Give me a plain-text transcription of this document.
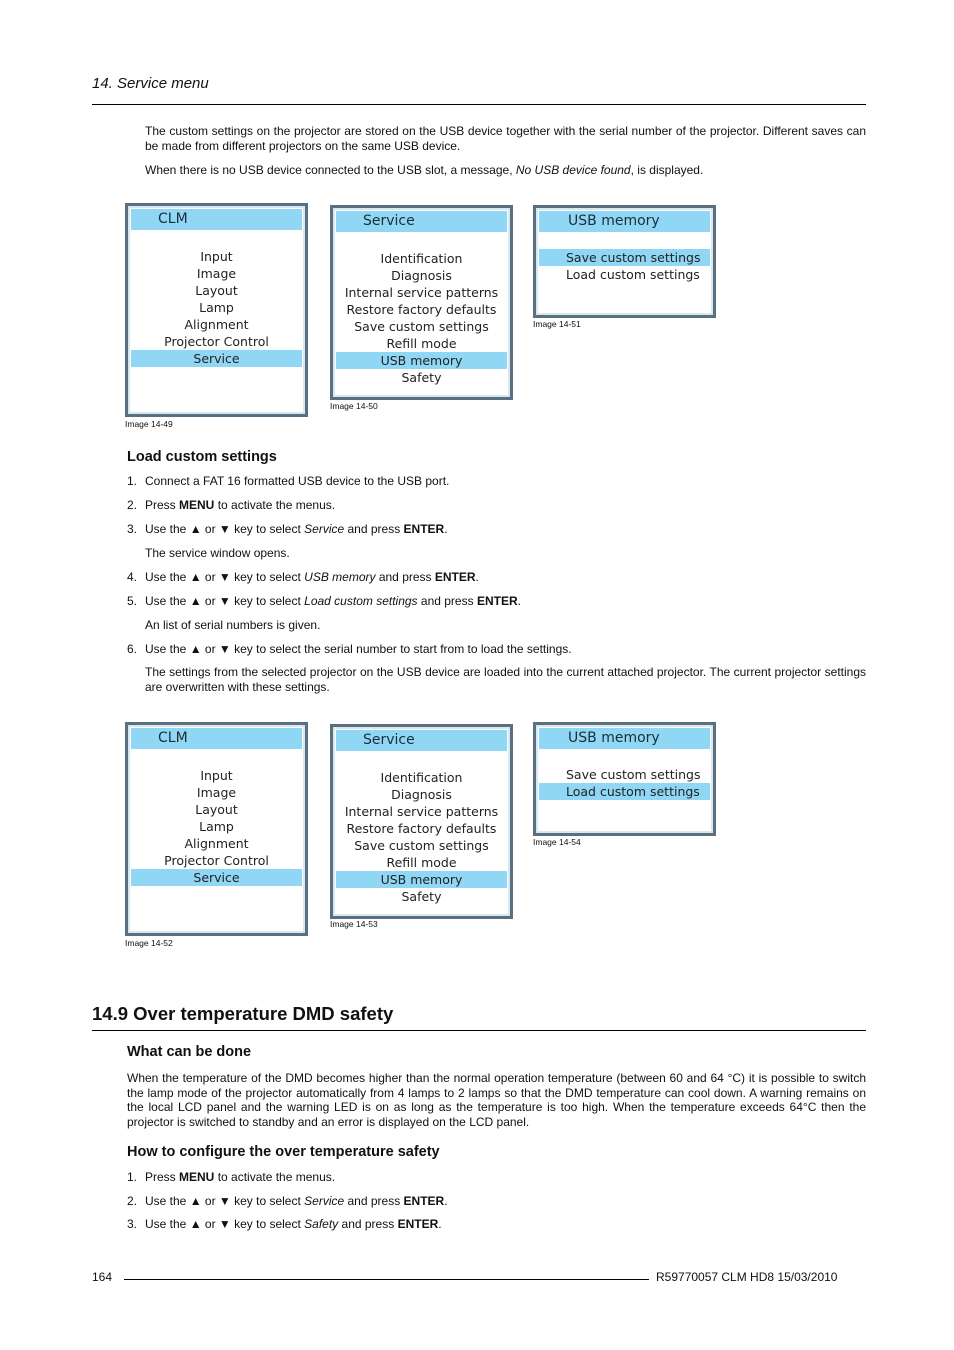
14. Service menu
The custom settings on the projector are stored on the USB device together with the serial number of the projector. Different saves can be made from different projectors on the same USB device.
When there is no USB device connected to the USB slot, a message, No USB device found, is displayed.
CLM
Input
Image
Layout
Lamp
Alignment
Projector Control
Service
Image 14-49
Service
Identification
Diagnosis
Internal service patterns
Restore factory defaults
Save custom settings
Refill mode
USB memory
Safety
Image 14-50
USB memory
Save custom settings
Load custom settings
Image 14-51
Load custom settings
1. Connect a FAT 16 formatted USB device to the USB port.
2. Press MENU to activate the menus.
3. Use the ▲ or ▼ key to select Service and press ENTER.
The service window opens.
4. Use the ▲ or ▼ key to select USB memory and press ENTER.
5. Use the ▲ or ▼ key to select Load custom settings and press ENTER.
An list of serial numbers is given.
6. Use the ▲ or ▼ key to select the serial number to start from to load the settings.
The settings from the selected projector on the USB device are loaded into the current attached projector. The current projector settings are overwritten with these settings.
CLM
Input
Image
Layout
Lamp
Alignment
Projector Control
Service
Image 14-52
Service
Identification
Diagnosis
Internal service patterns
Restore factory defaults
Save custom settings
Refill mode
USB memory
Safety
Image 14-53
USB memory
Save custom settings
Load custom settings
Image 14-54
14.9 Over temperature DMD safety
What can be done
When the temperature of the DMD becomes higher than the normal operation temperature (between 60 and 64 °C) it is possible to switch the lamp mode of the projector automatically from 4 lamps to 2 lamps so that the DMD temperature can cool down. A warning remains on the local LCD panel and the warning LED is on as long as the temperature is too high. When the temperature exceeds 64°C then the projector is switched to standby and an error is displayed on the LCD panel.
How to configure the over temperature safety
1. Press MENU to activate the menus.
2. Use the ▲ or ▼ key to select Service and press ENTER.
3. Use the ▲ or ▼ key to select Safety and press ENTER.
164	R59770057 CLM HD8 15/03/2010
